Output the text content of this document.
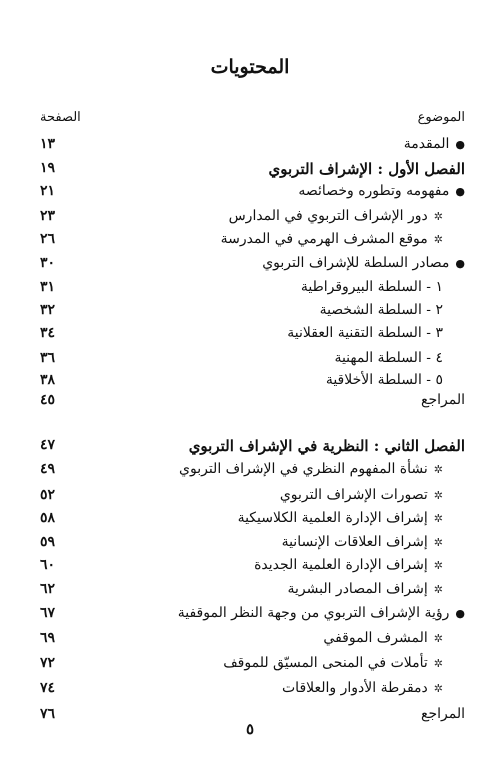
المحتويات
الموضوع
الصفحة
●المقدمة
١٣
الفصل الأول : الإشراف التربوي
١٩
●مفهومه وتطوره وخصائصه
٢١
✲دور الإشراف التربوي في المدارس
٢٣
✲موقع المشرف الهرمي في المدرسة
٢٦
●مصادر السلطة للإشراف التربوي
٣٠
١ - السلطة البيروقراطية
٣١
٢ - السلطة الشخصية
٣٢
٣ - السلطة التقنية العقلانية
٣٤
٤ - السلطة المهنية
٣٦
٥ - السلطة الأخلاقية
٣٨
المراجع
٤٥
الفصل الثاني : النظرية في الإشراف التربوي
٤٧
✲نشأة المفهوم النظري في الإشراف التربوي
٤٩
✲تصورات الإشراف التربوي
٥٢
✲إشراف الإدارة العلمية الكلاسيكية
٥٨
✲إشراف العلاقات الإنسانية
٥٩
✲إشراف الإدارة العلمية الجديدة
٦٠
✲إشراف المصادر البشرية
٦٢
●رؤية الإشراف التربوي من وجهة النظر الموقفية
٦٧
✲المشرف الموقفي
٦٩
✲تأملات في المنحى المسيّق للموقف
٧٢
✲دمقرطة الأدوار والعلاقات
٧٤
المراجع
٧٦
٥
